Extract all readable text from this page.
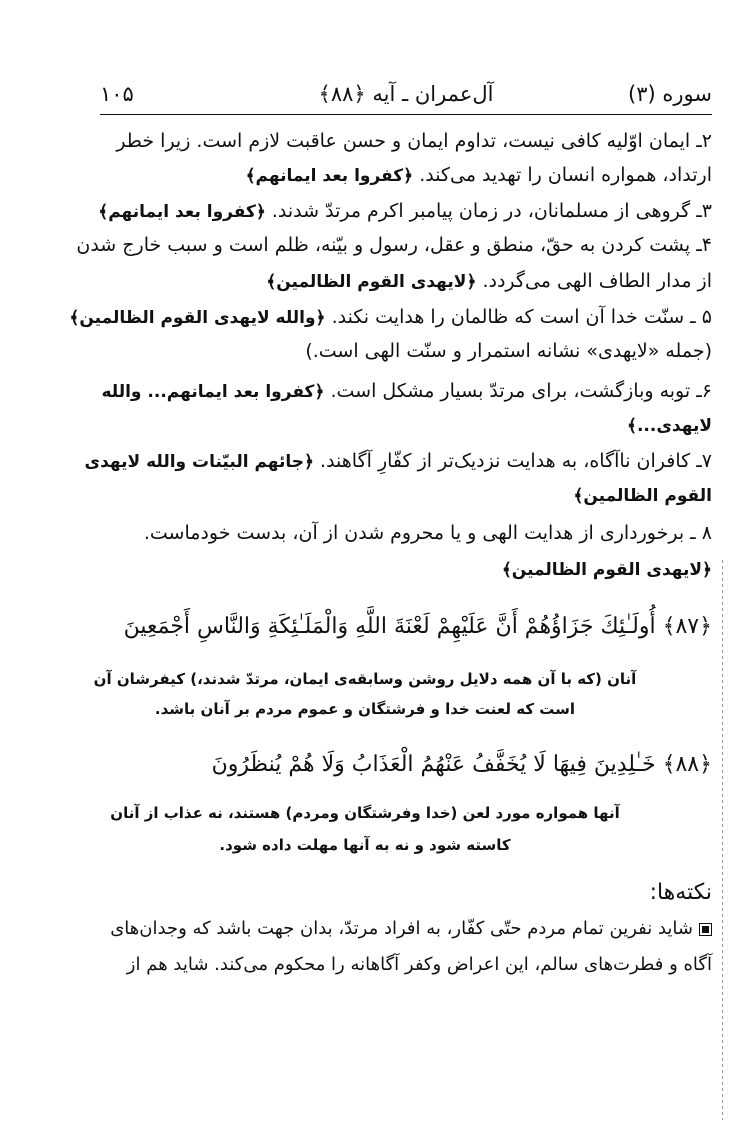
سوره (۳)
آل‌عمران ـ آیه ﴿۸۸﴾
۱۰۵
۲ـ ایمان اوّلیه کافی نیست، تداوم ایمان و حسن عاقبت لازم است. زیرا خطر
ارتداد، همواره انسان را تهدید می‌کند. ﴿کفروا بعد ایمانهم﴾
۳ـ گروهی از مسلمانان، در زمان پیامبر اکرم مرتدّ شدند. ﴿کفروا بعد ایمانهم﴾
۴ـ پشت کردن به حقّ، منطق و عقل، رسول و بیّنه، ظلم است و سبب خارج شدن
از مدار الطاف الهی می‌گردد. ﴿لایهدی القوم الظالمین﴾
۵ ـ سنّت خدا آن است که ظالمان را هدایت نکند. ﴿والله لایهدی القوم الظالمین﴾
(جمله «لایهدی» نشانه استمرار و سنّت الهی است.)
۶ـ توبه وبازگشت، برای مرتدّ بسیار مشکل است. ﴿کفروا بعد ایمانهم... والله
لایهدی...﴾
۷ـ کافران ناآگاه، به هدایت نزدیک‌تر از کفّارِ آگاهند. ﴿جائهم البیّنات والله لایهدی
القوم الظالمین﴾
۸ ـ برخورداری از هدایت الهی و یا محروم شدن از آن، بدست خودماست.
﴿لایهدی القوم الظالمین﴾
﴿۸۷﴾ أُولَـٰئِكَ جَزَاؤُهُمْ أَنَّ عَلَيْهِمْ لَعْنَةَ اللَّهِ وَالْمَلَـٰئِكَةِ وَالنَّاسِ أَجْمَعِينَ
آنان (که با آن همه دلایل روشن وسابقه‌ی ایمان، مرتدّ شدند،) کیفرشان آن
است که لعنت خدا و فرشتگان و عموم مردم بر آنان باشد.
﴿۸۸﴾ خَـٰلِدِينَ فِيهَا لَا يُخَفَّفُ عَنْهُمُ الْعَذَابُ وَلَا هُمْ يُنظَرُونَ
آنها همواره مورد لعن (خدا وفرشتگان ومردم) هستند، نه عذاب از آنان
کاسته شود و نه به آنها مهلت داده شود.
نکته‌ها:
شاید نفرین تمام مردم حتّی کفّار، به افراد مرتدّ، بدان جهت باشد که وجدان‌های
آگاه و فطرت‌های سالم، این اعراض وکفر آگاهانه را محکوم می‌کند. شاید هم از
